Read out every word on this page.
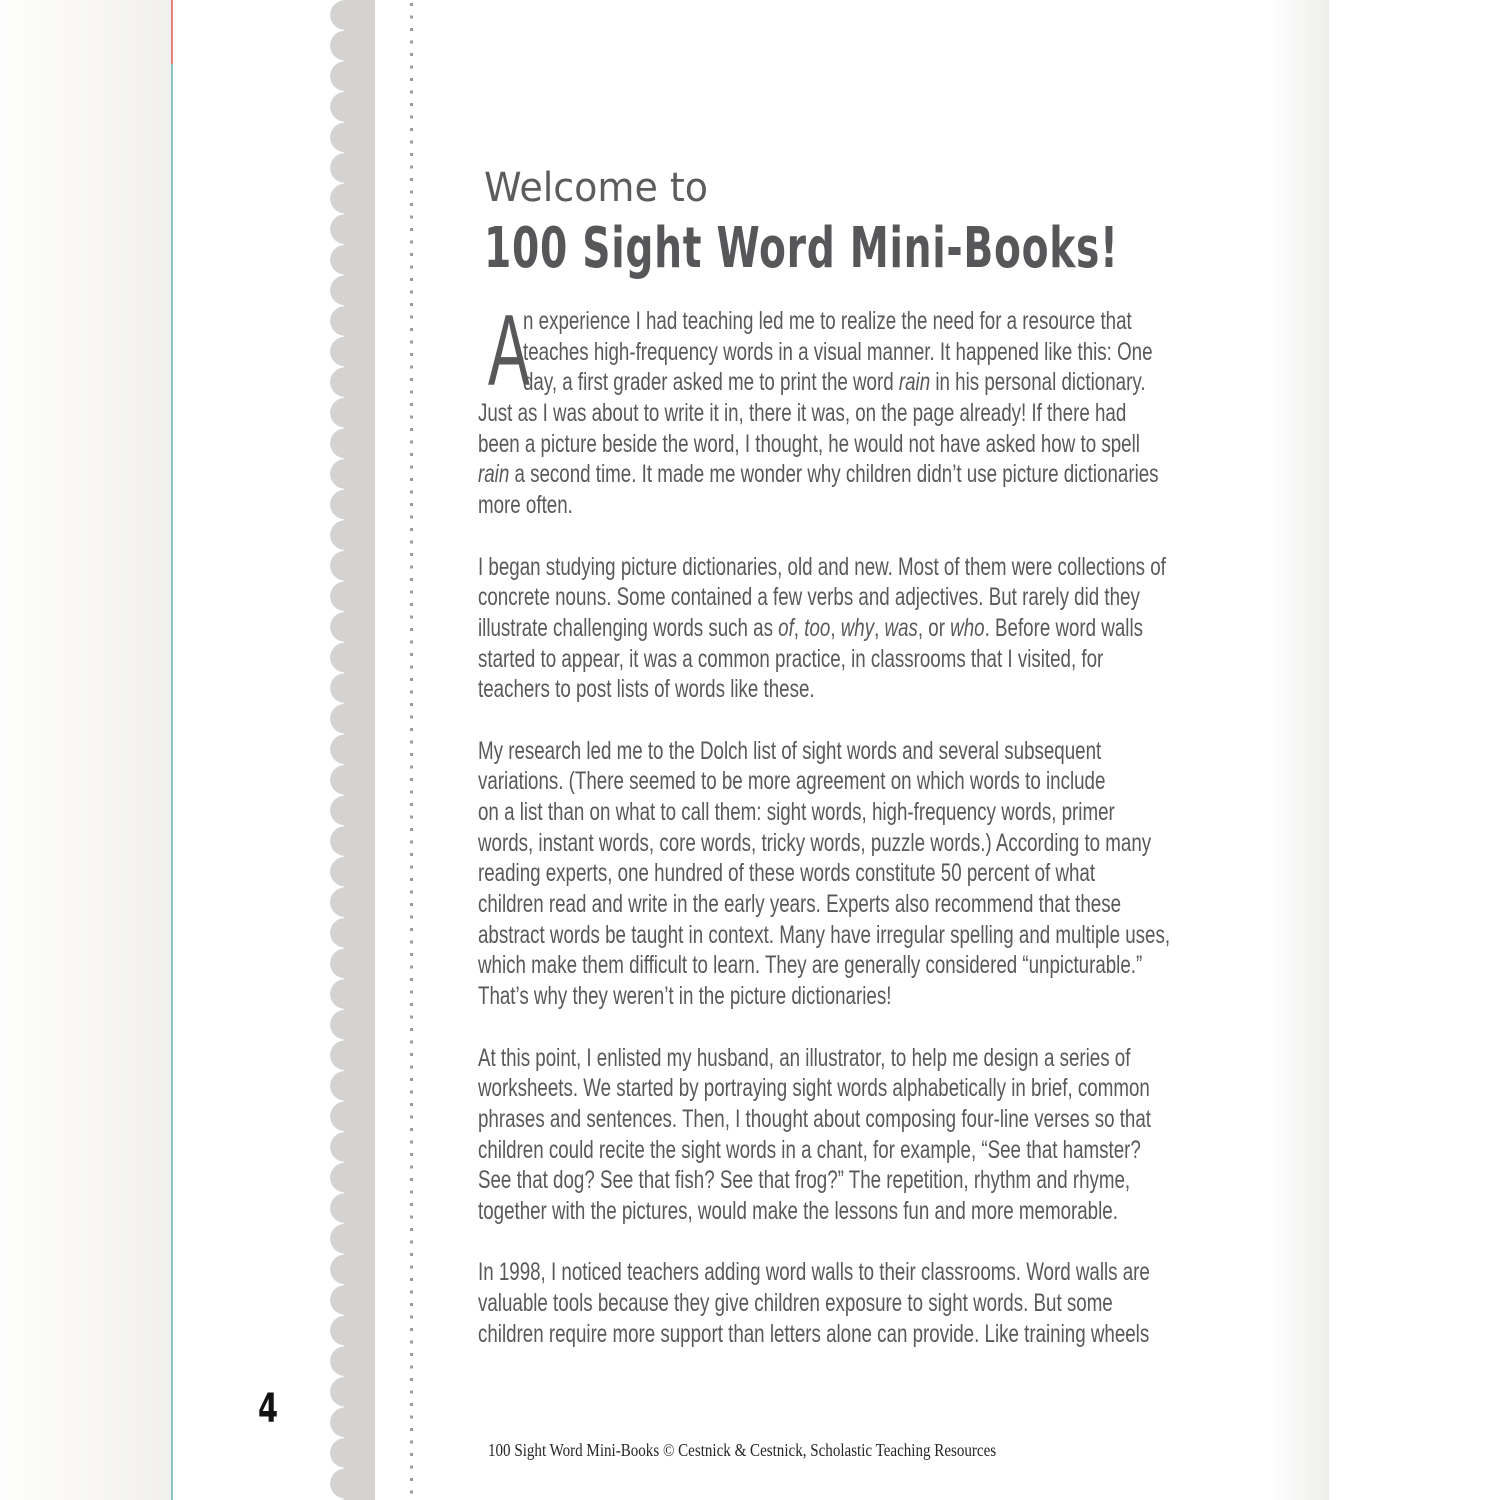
Welcome to
100 Sight Word Mini-Books!
A
n experience I had teaching led me to realize the need for a resource that
teaches high-frequency words in a visual manner. It happened like this: One
day, a first grader asked me to print the word rain in his personal dictionary.
Just as I was about to write it in, there it was, on the page already! If there had
been a picture beside the word, I thought, he would not have asked how to spell
rain a second time. It made me wonder why children didn’t use picture dictionaries
more often.
I began studying picture dictionaries, old and new. Most of them were collections of
concrete nouns. Some contained a few verbs and adjectives. But rarely did they
illustrate challenging words such as of, too, why, was, or who. Before word walls
started to appear, it was a common practice, in classrooms that I visited, for
teachers to post lists of words like these.
My research led me to the Dolch list of sight words and several subsequent
variations. (There seemed to be more agreement on which words to include
on a list than on what to call them: sight words, high-frequency words, primer
words, instant words, core words, tricky words, puzzle words.) According to many
reading experts, one hundred of these words constitute 50 percent of what
children read and write in the early years. Experts also recommend that these
abstract words be taught in context. Many have irregular spelling and multiple uses,
which make them difficult to learn. They are generally considered “unpicturable.”
That’s why they weren’t in the picture dictionaries!
At this point, I enlisted my husband, an illustrator, to help me design a series of
worksheets. We started by portraying sight words alphabetically in brief, common
phrases and sentences. Then, I thought about composing four-line verses so that
children could recite the sight words in a chant, for example, “See that hamster?
See that dog? See that fish? See that frog?” The repetition, rhythm and rhyme,
together with the pictures, would make the lessons fun and more memorable.
In 1998, I noticed teachers adding word walls to their classrooms. Word walls are
valuable tools because they give children exposure to sight words. But some
children require more support than letters alone can provide. Like training wheels
4
100 Sight Word Mini-Books © Cestnick & Cestnick, Scholastic Teaching Resources
